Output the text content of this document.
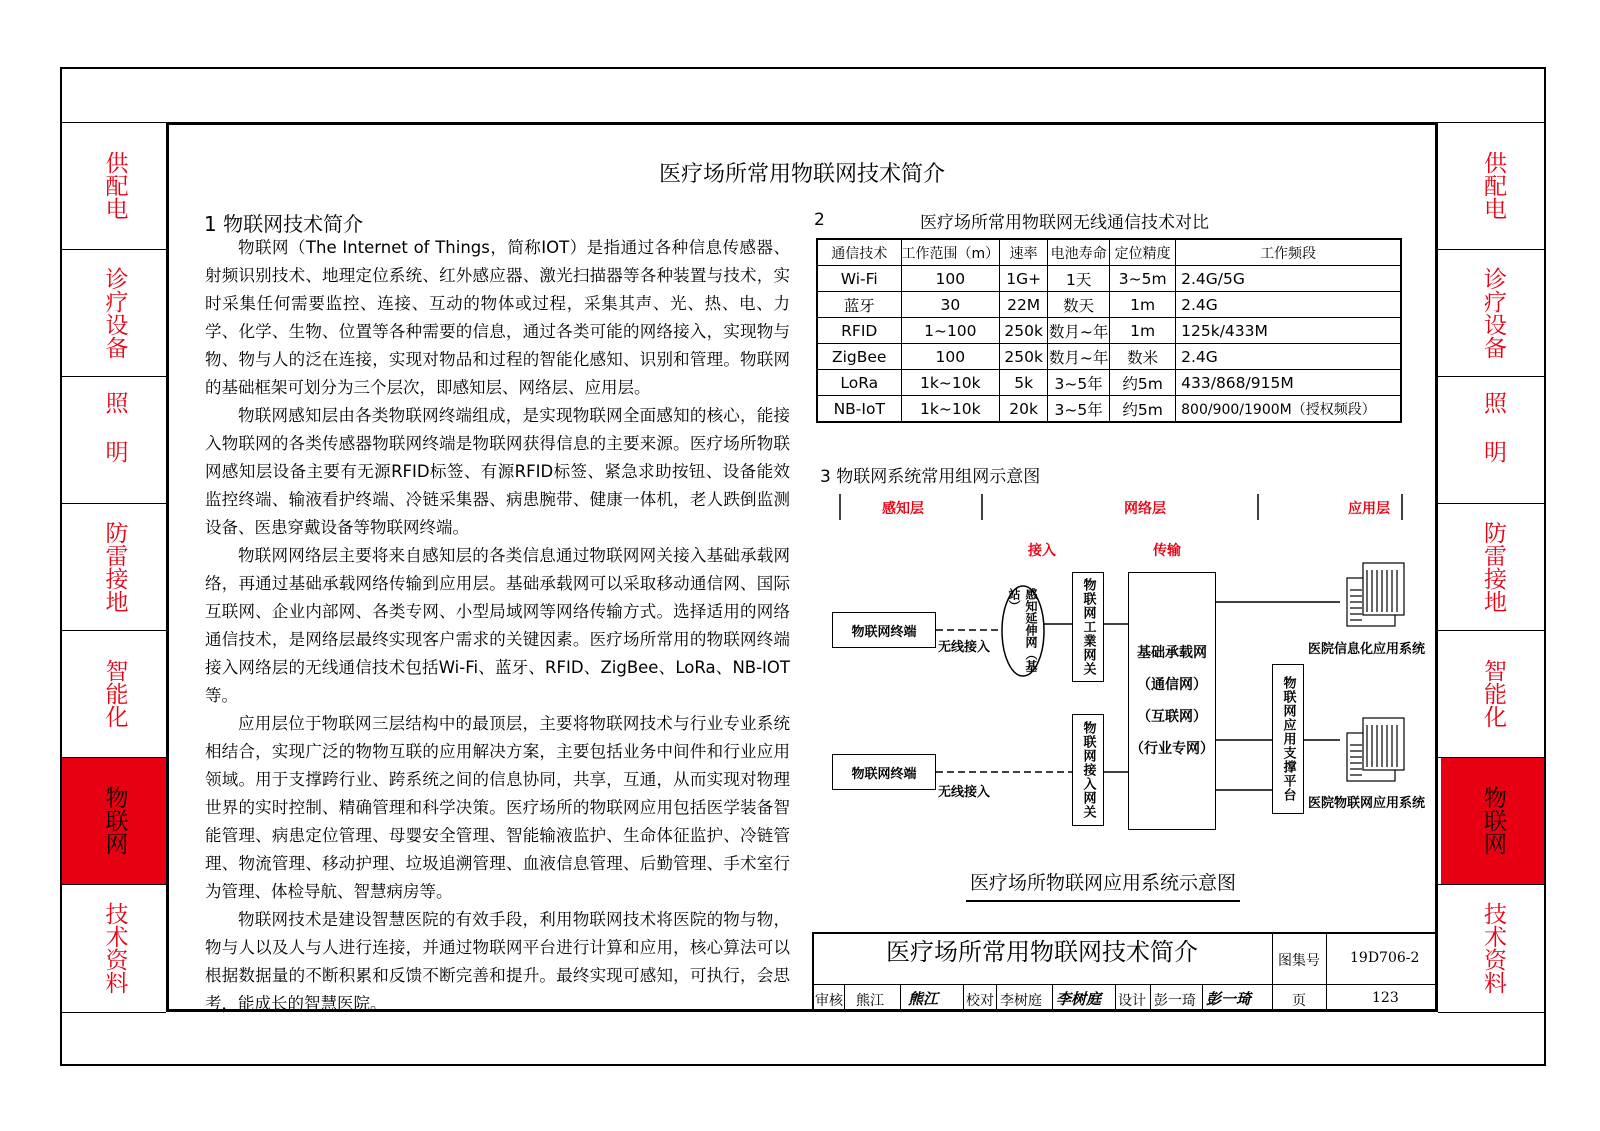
供配电
诊疗设备
照明
防雷接地
智能化
物联网
技术资料
供配电
诊疗设备
照明
防雷接地
智能化
物联网
技术资料
医疗场所常用物联网技术简介
1 物联网技术简介

物联网（The Internet of Things，简称IOT）是指通过各种信息传感器、射频识别技术、地理定位系统、红外感应器、激光扫描器等各种装置与技术，实时采集任何需要监控、连接、互动的物体或过程，采集其声、光、热、电、力学、化学、生物、位置等各种需要的信息，通过各类可能的网络接入，实现物与物、物与人的泛在连接，实现对物品和过程的智能化感知、识别和管理。物联网的基础框架可划分为三个层次，即感知层、网络层、应用层。

物联网感知层由各类物联网终端组成，是实现物联网全面感知的核心，能接入物联网的各类传感器物联网终端是物联网获得信息的主要来源。医疗场所物联网感知层设备主要有无源RFID标签、有源RFID标签、紧急求助按钮、设备能效监控终端、输液看护终端、冷链采集器、病患腕带、健康一体机，老人跌倒监测设备、医患穿戴设备等物联网终端。

物联网网络层主要将来自感知层的各类信息通过物联网网关接入基础承载网络，再通过基础承载网络传输到应用层。基础承载网可以采取移动通信网、国际互联网、企业内部网、各类专网、小型局域网等网络传输方式。选择适用的网络通信技术，是网络层最终实现客户需求的关键因素。医疗场所常用的物联网终端接入网络层的无线通信技术包括Wi-Fi、蓝牙、RFID、ZigBee、LoRa、NB-IOT等。

应用层位于物联网三层结构中的最顶层，主要将物联网技术与行业专业系统相结合，实现广泛的物物互联的应用解决方案，主要包括业务中间件和行业应用领域。用于支撑跨行业、跨系统之间的信息协同，共享，互通，从而实现对物理世界的实时控制、精确管理和科学决策。医疗场所的物联网应用包括医学装备智能管理、病患定位管理、母婴安全管理、智能输液监护、生命体征监护、冷链管理、物流管理、移动护理、垃圾追溯管理、血液信息管理、后勤管理、手术室行为管理、体检导航、智慧病房等。

物联网技术是建设智慧医院的有效手段，利用物联网技术将医院的物与物，物与人以及人与人进行连接，并通过物联网平台进行计算和应用，核心算法可以根据数据量的不断积累和反馈不断完善和提升。最终实现可感知，可执行，会思考，能成长的智慧医院。

2	医疗场所常用物联网无线通信技术对比
通信技术	工作范围（m）	速率	电池寿命	定位精度	工作频段
Wi-Fi	100	1G+	1天	3~5m	2.4G/5G
蓝牙	30	22M	数天	1m	2.4G
RFID	1~100	250k	数月~年	1m	125k/433M
ZigBee	100	250k	数月~年	数米	2.4G
LoRa	1k~10k	5k	3~5年	约5m	433/868/915M
NB-IoT	1k~10k	20k	3~5年	约5m	800/900/1900M（授权频段）
3 物联网系统常用组网示意图
感知层	网络层	应用层
接入	传输
物联网终端
物联网终端
无线接入
无线接入
感知延伸网（基站）	物联网工業网关
物联网接入网关
基础承载网
（通信网）
（互联网）
（行业专网）	物联网应用支撑平台
医院信息化应用系统
医院物联网应用系统
医疗场所物联网应用系统示意图
医疗场所常用物联网技术简介	图集号 19D706-2
审核 熊江 熊江 校对 李树庭 李树庭 设计 彭一琦 彭一琦	页	123
